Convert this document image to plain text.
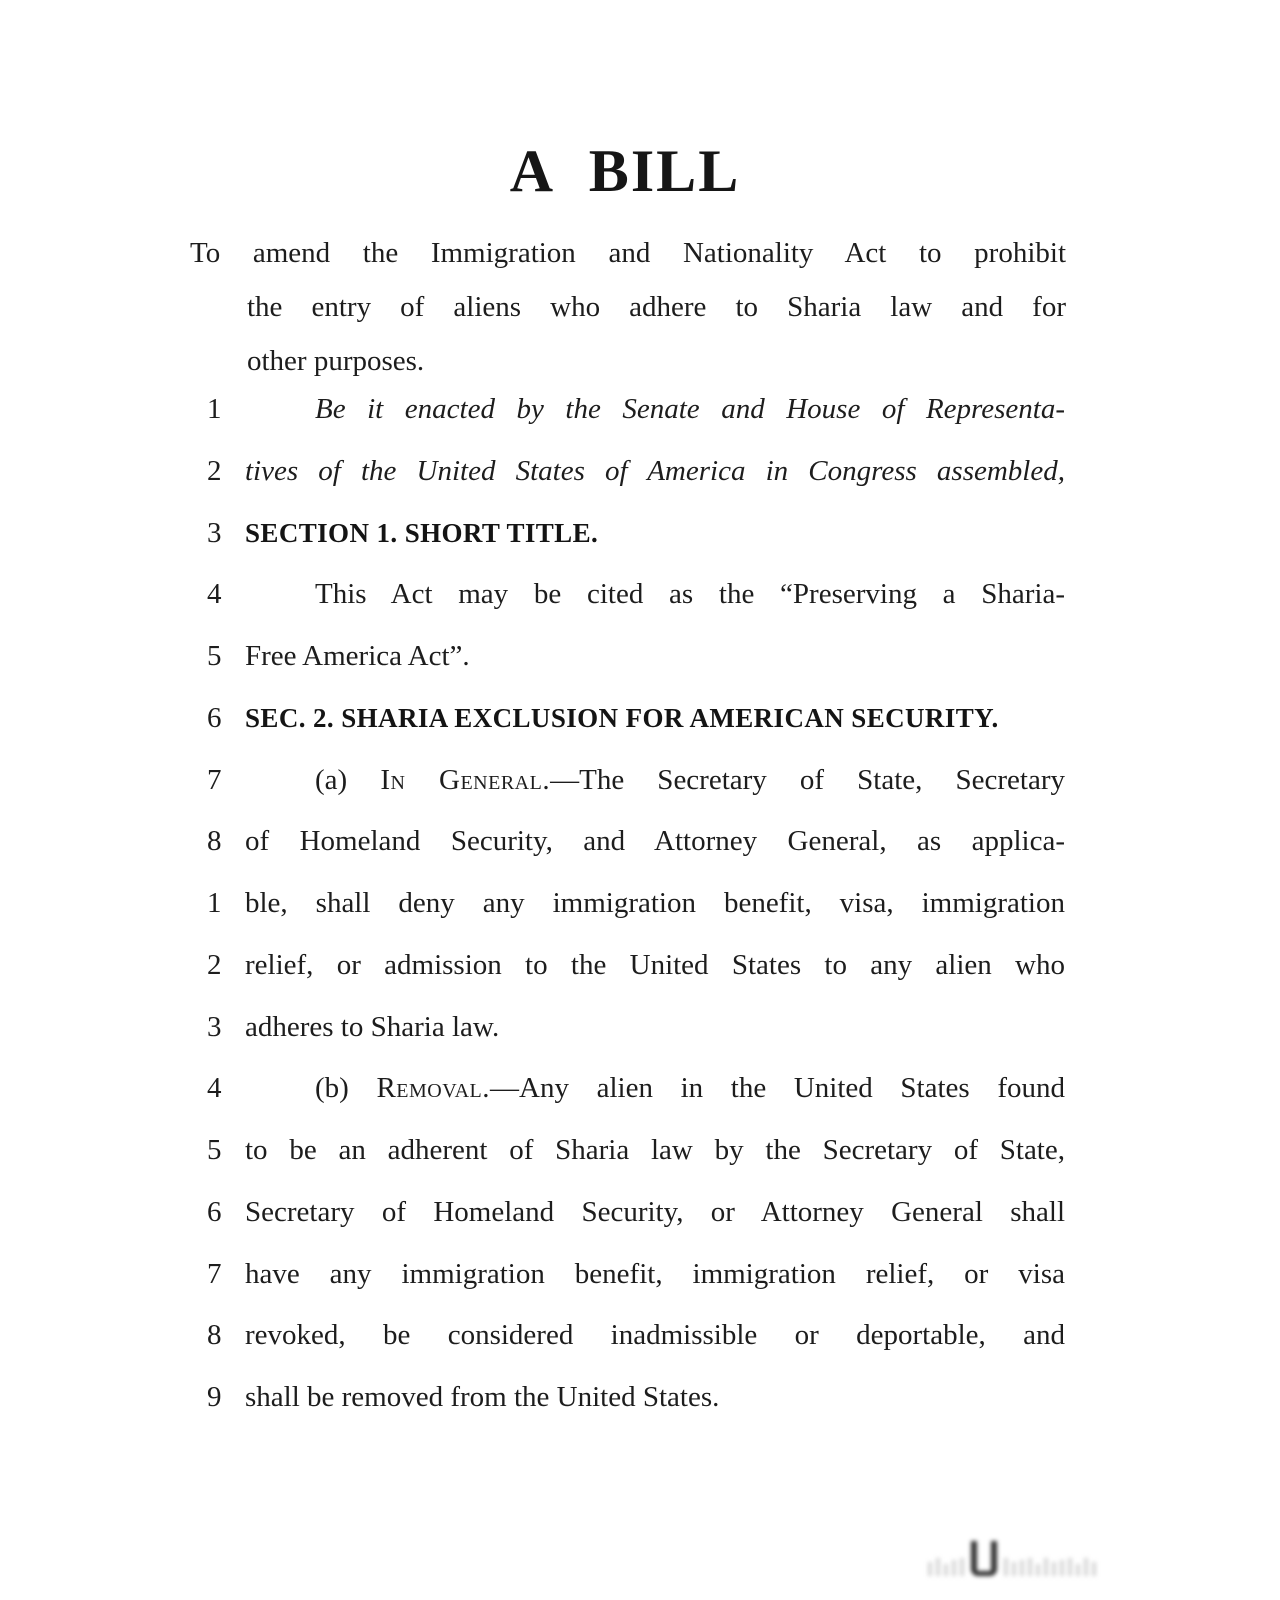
A BILL
To amend the Immigration and Nationality Act to prohibit
the entry of aliens who adhere to Sharia law and for
other purposes.
1	Be it enacted by the Senate and House of Representa-
2 tives of the United States of America in Congress assembled,
3 SECTION 1. SHORT TITLE.
4	This Act may be cited as the “Preserving a Sharia-
5 Free America Act”.
6 SEC. 2. SHARIA EXCLUSION FOR AMERICAN SECURITY.
7	(a) In General.—The Secretary of State, Secretary
8 of Homeland Security, and Attorney General, as applica-
1 ble, shall deny any immigration benefit, visa, immigration
2 relief, or admission to the United States to any alien who
3 adheres to Sharia law.
4	(b) Removal.—Any alien in the United States found
5 to be an adherent of Sharia law by the Secretary of State,
6 Secretary of Homeland Security, or Attorney General shall
7 have any immigration benefit, immigration relief, or visa
8 revoked, be considered inadmissible or deportable, and
9 shall be removed from the United States.
